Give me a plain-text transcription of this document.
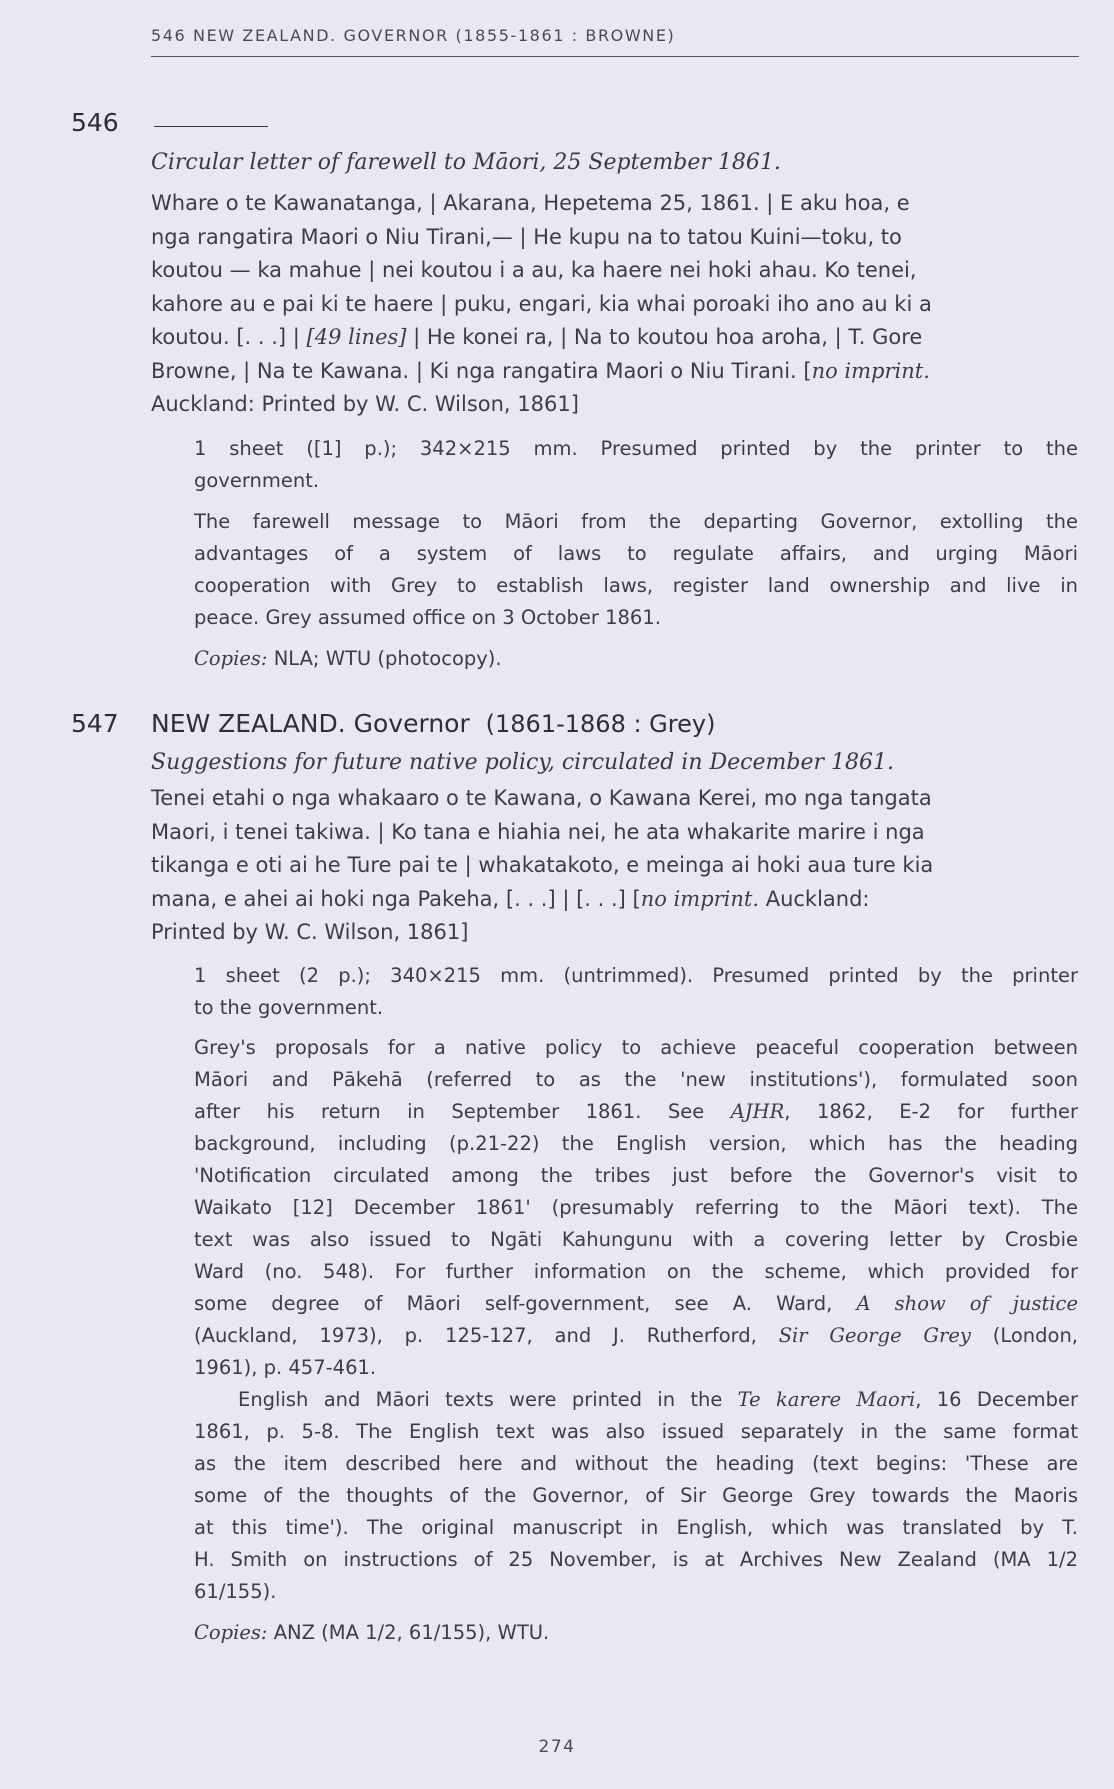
546 NEW ZEALAND. GOVERNOR (1855-1861 : BROWNE)
546
Circular letter of farewell to Māori, 25 September 1861.
Whare o te Kawanatanga, | Akarana, Hepetema 25, 1861. | E aku hoa, e
nga rangatira Maori o Niu Tirani,— | He kupu na to tatou Kuini—toku, to
koutou — ka mahue | nei koutou i a au, ka haere nei hoki ahau. Ko tenei,
kahore au e pai ki te haere | puku, engari, kia whai poroaki iho ano au ki a
koutou. [. . .] | [49 lines] | He konei ra, | Na to koutou hoa aroha, | T. Gore
Browne, | Na te Kawana. | Ki nga rangatira Maori o Niu Tirani. [no imprint.
Auckland: Printed by W. C. Wilson, 1861]
1 sheet ([1] p.); 342×215 mm. Presumed printed by the printer to the
government.
The farewell message to Māori from the departing Governor, extolling the
advantages of a system of laws to regulate affairs, and urging Māori
cooperation with Grey to establish laws, register land ownership and live in
peace. Grey assumed office on 3 October 1861.
Copies: NLA; WTU (photocopy).
547 NEW ZEALAND. Governor (1861-1868 : Grey)
Suggestions for future native policy, circulated in December 1861.
Tenei etahi o nga whakaaro o te Kawana, o Kawana Kerei, mo nga tangata
Maori, i tenei takiwa. | Ko tana e hiahia nei, he ata whakarite marire i nga
tikanga e oti ai he Ture pai te | whakatakoto, e meinga ai hoki aua ture kia
mana, e ahei ai hoki nga Pakeha, [. . .] | [. . .] [no imprint. Auckland:
Printed by W. C. Wilson, 1861]
1 sheet (2 p.); 340×215 mm. (untrimmed). Presumed printed by the printer
to the government.
Grey's proposals for a native policy to achieve peaceful cooperation between
Māori and Pākehā (referred to as the 'new institutions'), formulated soon
after his return in September 1861. See AJHR, 1862, E-2 for further
background, including (p.21-22) the English version, which has the heading
'Notification circulated among the tribes just before the Governor's visit to
Waikato [12] December 1861' (presumably referring to the Māori text). The
text was also issued to Ngāti Kahungunu with a covering letter by Crosbie
Ward (no. 548). For further information on the scheme, which provided for
some degree of Māori self-government, see A. Ward, A show of justice
(Auckland, 1973), p. 125-127, and J. Rutherford, Sir George Grey (London,
1961), p. 457-461.
English and Māori texts were printed in the Te karere Maori, 16 December
1861, p. 5-8. The English text was also issued separately in the same format
as the item described here and without the heading (text begins: 'These are
some of the thoughts of the Governor, of Sir George Grey towards the Maoris
at this time'). The original manuscript in English, which was translated by T.
H. Smith on instructions of 25 November, is at Archives New Zealand (MA 1/2
61/155).
Copies: ANZ (MA 1/2, 61/155), WTU.
274
